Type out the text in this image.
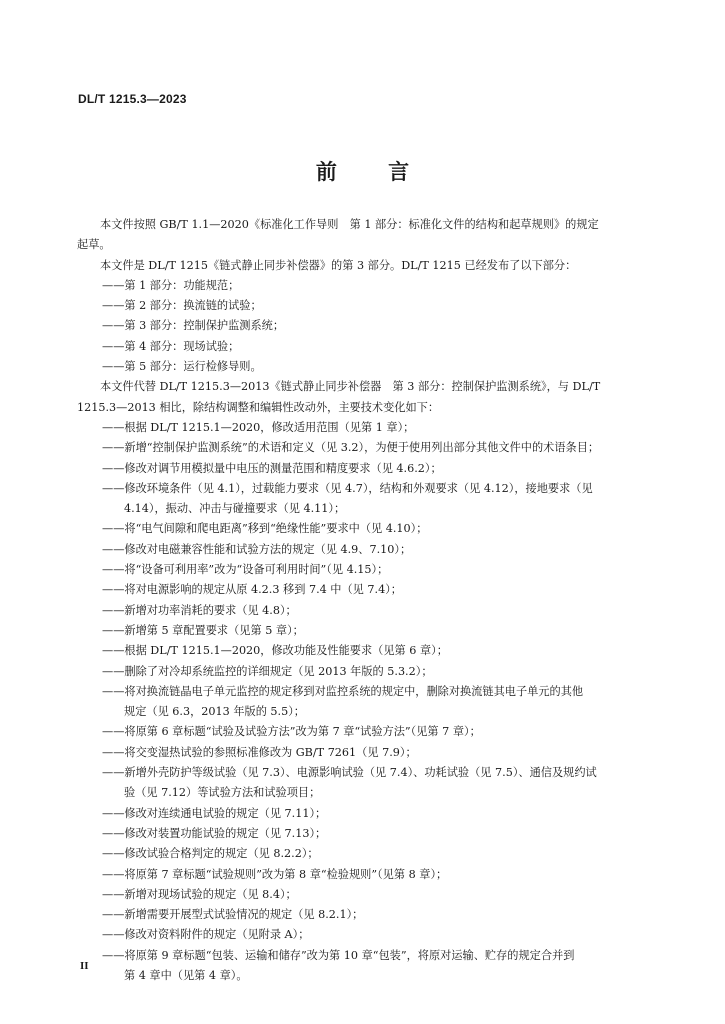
DL/T 1215.3—2023
前 言

本文件按照 GB/T 1.1—2020《标准化工作导则　第 1 部分：标准化文件的结构和起草规则》的规定

起草。

本文件是 DL/T 1215《链式静止同步补偿器》的第 3 部分。DL/T 1215 已经发布了以下部分：

——第 1 部分：功能规范；

——第 2 部分：换流链的试验；

——第 3 部分：控制保护监测系统；

——第 4 部分：现场试验；

——第 5 部分：运行检修导则。

本文件代替 DL/T 1215.3—2013《链式静止同步补偿器　第 3 部分：控制保护监测系统》，与 DL/T

1215.3—2013 相比，除结构调整和编辑性改动外，主要技术变化如下：

——根据 DL/T 1215.1—2020，修改适用范围（见第 1 章）；

——新增“控制保护监测系统”的术语和定义（见 3.2），为便于使用列出部分其他文件中的术语条目；

——修改对调节用模拟量中电压的测量范围和精度要求（见 4.6.2）；

——修改环境条件（见 4.1），过载能力要求（见 4.7），结构和外观要求（见 4.12），接地要求（见

4.14），振动、冲击与碰撞要求（见 4.11）；

——将“电气间隙和爬电距离”移到“绝缘性能”要求中（见 4.10）；

——修改对电磁兼容性能和试验方法的规定（见 4.9、7.10）；

——将“设备可利用率”改为“设备可利用时间”（见 4.15）；

——将对电源影响的规定从原 4.2.3 移到 7.4 中（见 7.4）；

——新增对功率消耗的要求（见 4.8）；

——新增第 5 章配置要求（见第 5 章）；

——根据 DL/T 1215.1—2020，修改功能及性能要求（见第 6 章）；

——删除了对冷却系统监控的详细规定（见 2013 年版的 5.3.2）；

——将对换流链晶电子单元监控的规定移到对监控系统的规定中，删除对换流链其电子单元的其他

规定（见 6.3，2013 年版的 5.5）；

——将原第 6 章标题“试验及试验方法”改为第 7 章“试验方法”（见第 7 章）；

——将交变湿热试验的参照标准修改为 GB/T 7261（见 7.9）；

——新增外壳防护等级试验（见 7.3）、电源影响试验（见 7.4）、功耗试验（见 7.5）、通信及规约试

验（见 7.12）等试验方法和试验项目；

——修改对连续通电试验的规定（见 7.11）；

——修改对装置功能试验的规定（见 7.13）；

——修改试验合格判定的规定（见 8.2.2）；

——将原第 7 章标题“试验规则”改为第 8 章“检验规则”（见第 8 章）；

——新增对现场试验的规定（见 8.4）；

——新增需要开展型式试验情况的规定（见 8.2.1）；

——修改对资料附件的规定（见附录 A）；

——将原第 9 章标题“包装、运输和储存”改为第 10 章“包装”，将原对运输、贮存的规定合并到

第 4 章中（见第 4 章）。

II
